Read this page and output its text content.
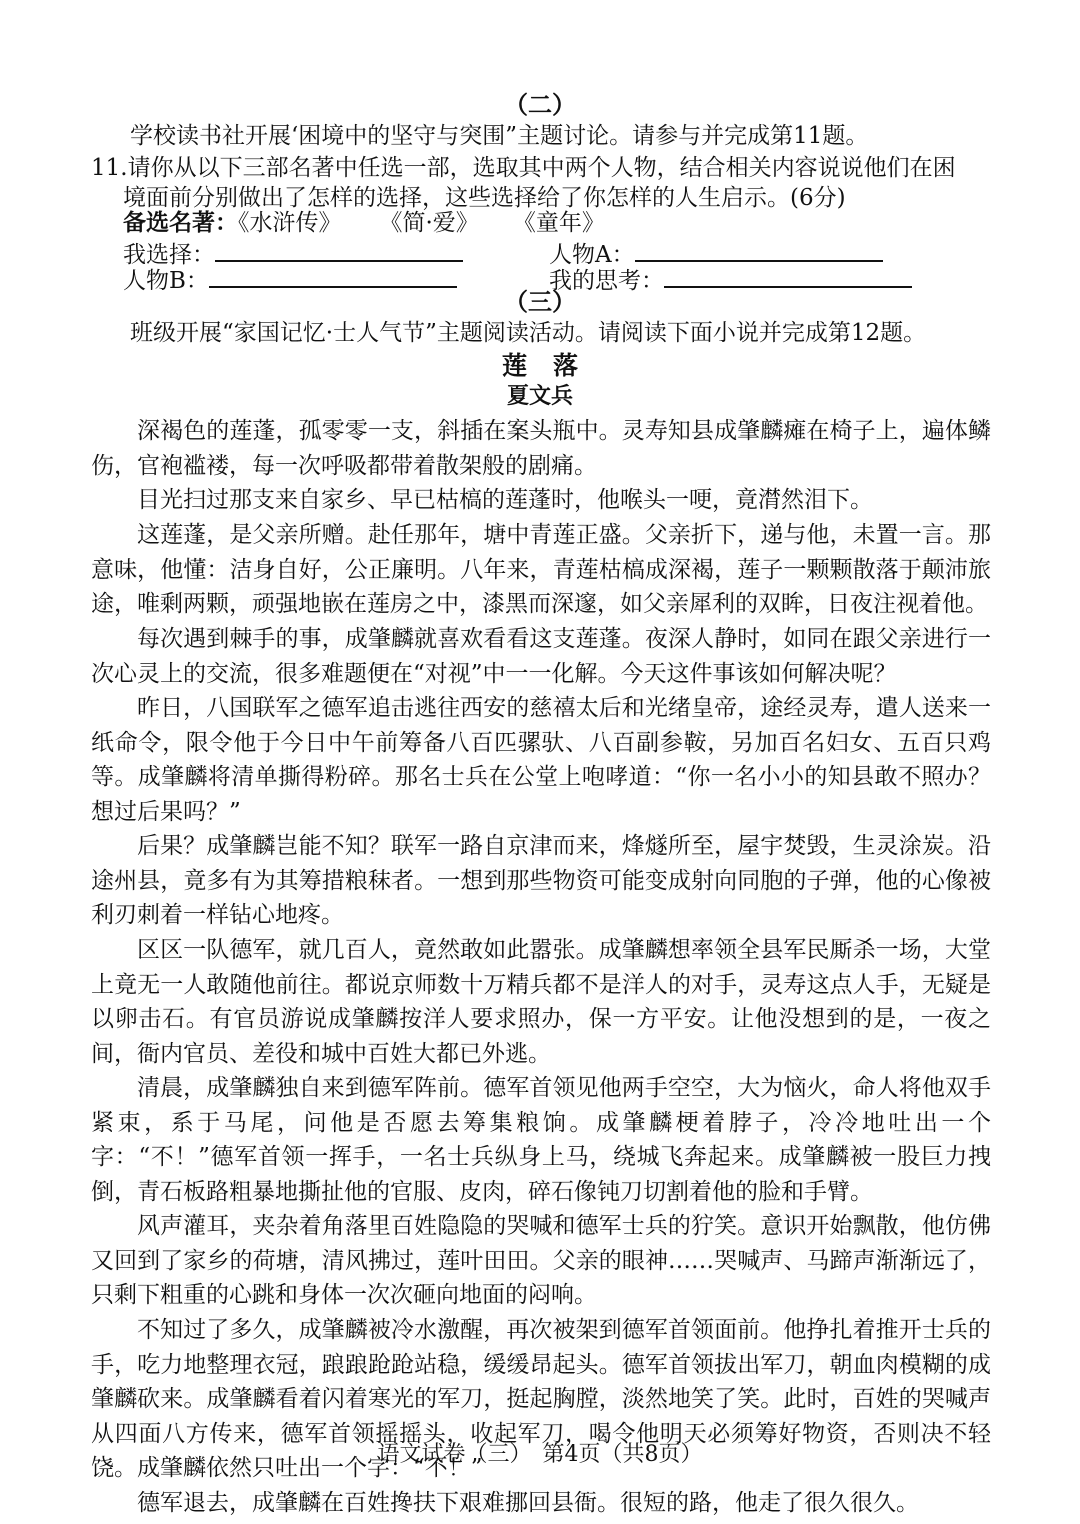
（二）
学校读书社开展‘困境中的坚守与突围”主题讨论。请参与并完成第11题。
11.请你从以下三部名著中任选一部，选取其中两个人物，结合相关内容说说他们在困
境面前分别做出了怎样的选择，这些选择给了你怎样的人生启示。(6分)
备选名著：《水浒传》 《简·爱》 《童年》
我选择：	人物A：
人物B：	我的思考：
（三）
班级开展“家国记忆·士人气节”主题阅读活动。请阅读下面小说并完成第12题。
莲落
夏文兵

深褐色的莲蓬，孤零零一支，斜插在案头瓶中。灵寿知县成肇麟瘫在椅子上，遍体鳞伤，官袍褴褛，每一次呼吸都带着散架般的剧痛。

目光扫过那支来自家乡、早已枯槁的莲蓬时，他喉头一哽，竟潸然泪下。

这莲蓬，是父亲所赠。赴任那年，塘中青莲正盛。父亲折下，递与他，未置一言。那意味，他懂：洁身自好，公正廉明。八年来，青莲枯槁成深褐，莲子一颗颗散落于颠沛旅途，唯剩两颗，顽强地嵌在莲房之中，漆黑而深邃，如父亲犀利的双眸，日夜注视着他。

每次遇到棘手的事，成肇麟就喜欢看看这支莲蓬。夜深人静时，如同在跟父亲进行一次心灵上的交流，很多难题便在“对视”中一一化解。今天这件事该如何解决呢？

昨日，八国联军之德军追击逃往西安的慈禧太后和光绪皇帝，途经灵寿，遣人送来一纸命令，限令他于今日中午前筹备八百匹骡驮、八百副参鞍，另加百名妇女、五百只鸡等。成肇麟将清单撕得粉碎。那名士兵在公堂上咆哮道：“你一名小小的知县敢不照办？想过后果吗？”

后果？成肇麟岂能不知？联军一路自京津而来，烽燧所至，屋宇焚毁，生灵涂炭。沿途州县，竟多有为其筹措粮秣者。一想到那些物资可能变成射向同胞的子弹，他的心像被利刃刺着一样钻心地疼。

区区一队德军，就几百人，竟然敢如此嚣张。成肇麟想率领全县军民厮杀一场，大堂上竟无一人敢随他前往。都说京师数十万精兵都不是洋人的对手，灵寿这点人手，无疑是以卵击石。有官员游说成肇麟按洋人要求照办，保一方平安。让他没想到的是，一夜之间，衙内官员、差役和城中百姓大都已外逃。

清晨，成肇麟独自来到德军阵前。德军首领见他两手空空，大为恼火，命人将他双手紧束，系于马尾，问他是否愿去筹集粮饷。成肇麟梗着脖子，冷冷地吐出一个字：“不！”德军首领一挥手，一名士兵纵身上马，绕城飞奔起来。成肇麟被一股巨力拽倒，青石板路粗暴地撕扯他的官服、皮肉，碎石像钝刀切割着他的脸和手臂。

风声灌耳，夹杂着角落里百姓隐隐的哭喊和德军士兵的狞笑。意识开始飘散，他仿佛又回到了家乡的荷塘，清风拂过，莲叶田田。父亲的眼神……哭喊声、马蹄声渐渐远了，只剩下粗重的心跳和身体一次次砸向地面的闷响。

不知过了多久，成肇麟被冷水激醒，再次被架到德军首领面前。他挣扎着推开士兵的手，吃力地整理衣冠，踉踉跄跄站稳，缓缓昂起头。德军首领拔出军刀，朝血肉模糊的成肇麟砍来。成肇麟看着闪着寒光的军刀，挺起胸膛，淡然地笑了笑。此时，百姓的哭喊声从四面八方传来，德军首领摇摇头，收起军刀，喝令他明天必须筹好物资，否则决不轻饶。成肇麟依然只吐出一个字：“不！”

德军退去，成肇麟在百姓搀扶下艰难挪回县衙。很短的路，他走了很久很久。

语文试卷（三）　第4页（共8页）
